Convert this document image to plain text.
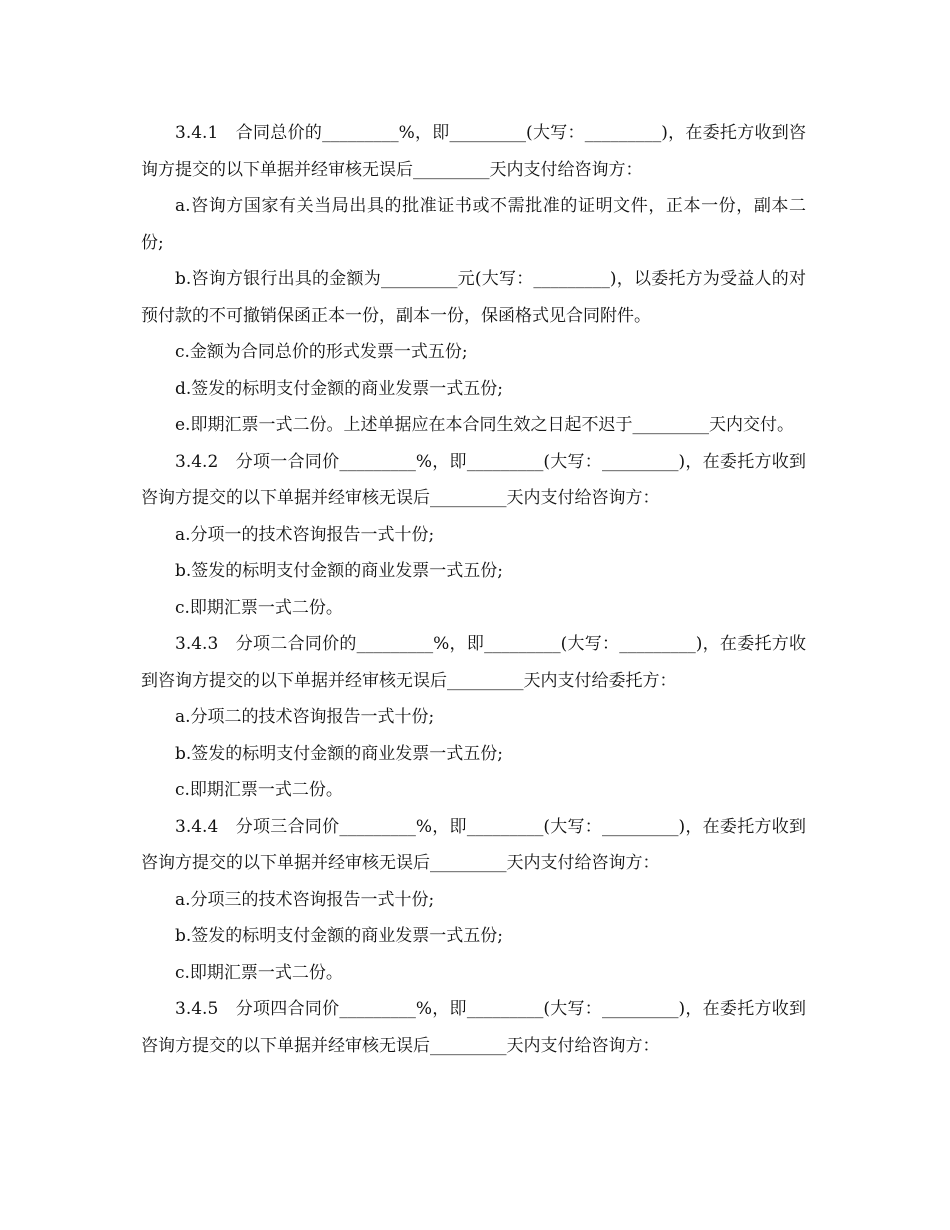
3.4.1　合同总价的_________%，即_________(大写：_________)，在委托方收到咨询方提交的以下单据并经审核无误后_________天内支付给咨询方：

a.咨询方国家有关当局出具的批准证书或不需批准的证明文件，正本一份，副本二份;

b.咨询方银行出具的金额为_________元(大写：_________)，以委托方为受益人的对预付款的不可撤销保函正本一份，副本一份，保函格式见合同附件。

c.金额为合同总价的形式发票一式五份;

d.签发的标明支付金额的商业发票一式五份;

e.即期汇票一式二份。上述单据应在本合同生效之日起不迟于_________天内交付。

3.4.2　分项一合同价_________%，即_________(大写：_________)，在委托方收到咨询方提交的以下单据并经审核无误后_________天内支付给咨询方：

a.分项一的技术咨询报告一式十份;

b.签发的标明支付金额的商业发票一式五份;

c.即期汇票一式二份。

3.4.3　分项二合同价的_________%，即_________(大写：_________)，在委托方收到咨询方提交的以下单据并经审核无误后_________天内支付给委托方：

a.分项二的技术咨询报告一式十份;

b.签发的标明支付金额的商业发票一式五份;

c.即期汇票一式二份。

3.4.4　分项三合同价_________%，即_________(大写：_________)，在委托方收到咨询方提交的以下单据并经审核无误后_________天内支付给咨询方：

a.分项三的技术咨询报告一式十份;

b.签发的标明支付金额的商业发票一式五份;

c.即期汇票一式二份。

3.4.5　分项四合同价_________%，即_________(大写：_________)，在委托方收到咨询方提交的以下单据并经审核无误后_________天内支付给咨询方：
